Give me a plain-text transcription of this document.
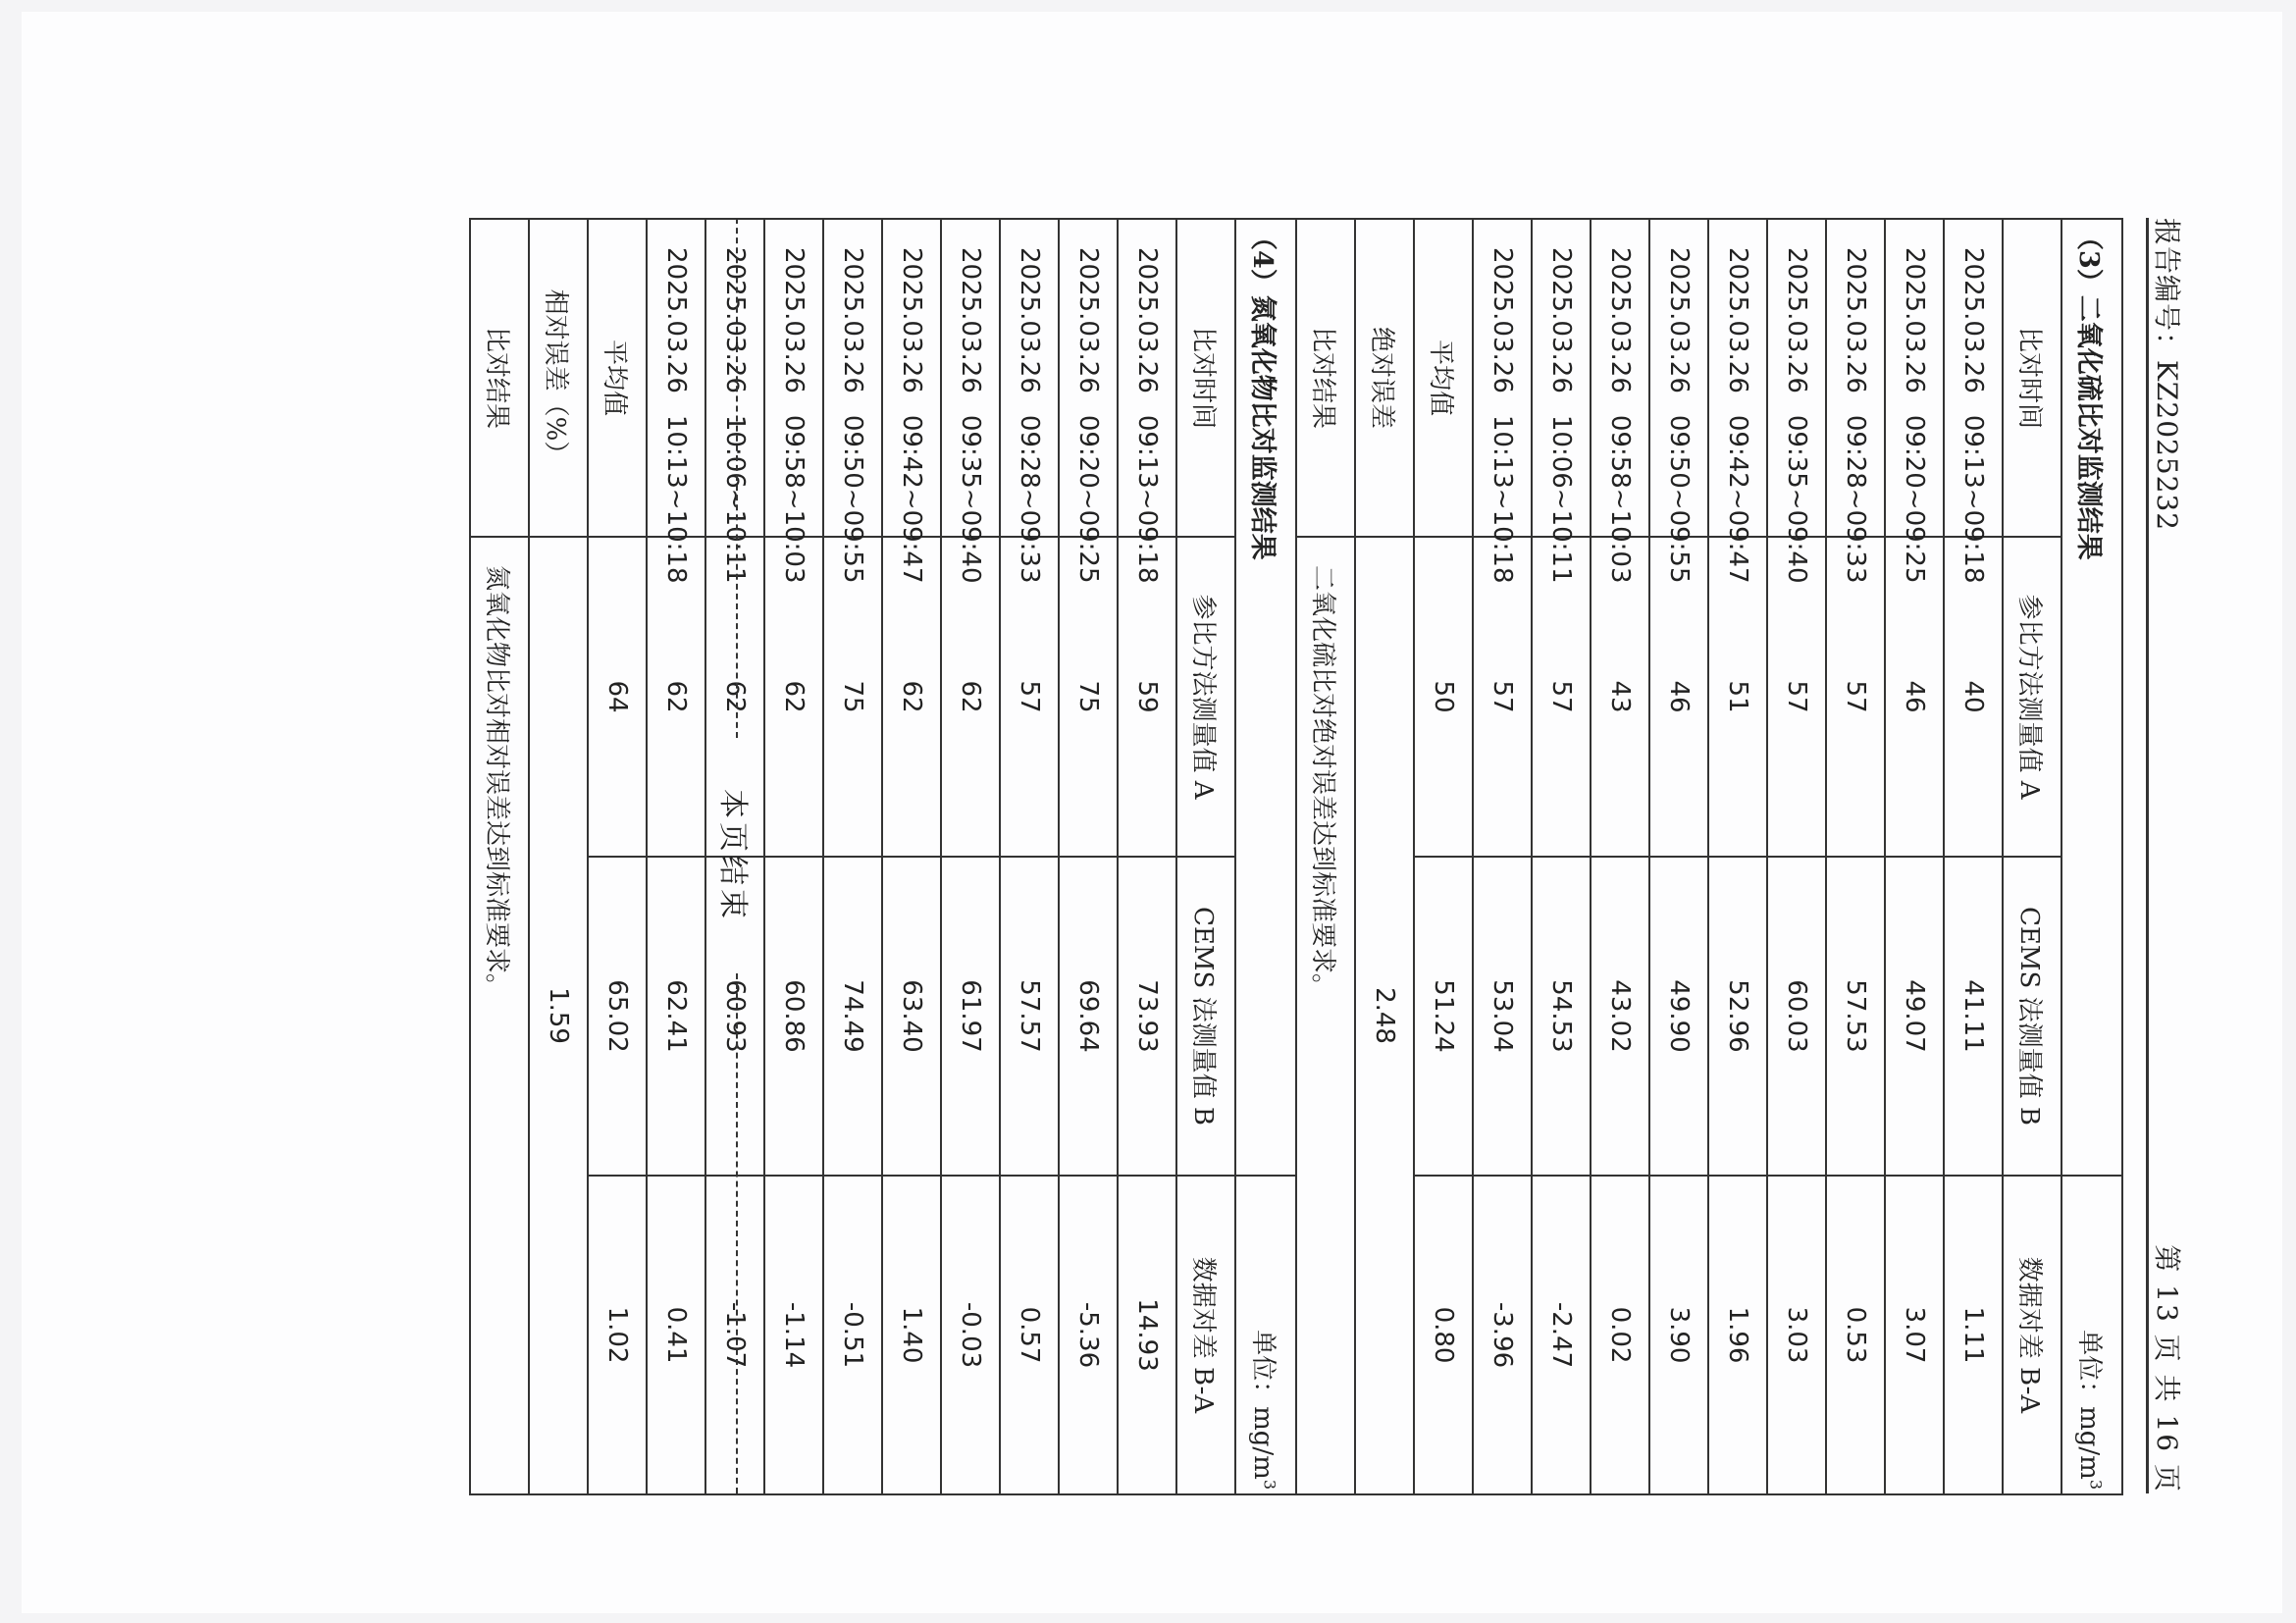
报告编号：KZ2025232
第 13 页 共 16 页
（3）二氧化硫比对监测结果			单位：$mg/m^3$
比对时间	参比方法测量值 A	CEMS 法测量值 B	数据对差 B-A
2025.03.2609:13~09:18	40	41.11	1.11
2025.03.2609:20~09:25	46	49.07	3.07
2025.03.2609:28~09:33	57	57.53	0.53
2025.03.2609:35~09:40	57	60.03	3.03
2025.03.2609:42~09:47	51	52.96	1.96
2025.03.2609:50~09:55	46	49.90	3.90
2025.03.2609:58~10:03	43	43.02	0.02
2025.03.2610:06~10:11	57	54.53	-2.47
2025.03.2610:13~10:18	57	53.04	-3.96
平均值	50	51.24	0.80
绝对误差	2.48		
比对结果	二氧化硫比对绝对误差达到标准要求。		
（4）氮氧化物比对监测结果			单位：$mg/m^3$
比对时间	参比方法测量值 A	CEMS 法测量值 B	数据对差 B-A
2025.03.2609:13~09:18	59	73.93	14.93
2025.03.2609:20~09:25	75	69.64	-5.36
2025.03.2609:28~09:33	57	57.57	0.57
2025.03.2609:35~09:40	62	61.97	-0.03
2025.03.2609:42~09:47	62	63.40	1.40
2025.03.2609:50~09:55	75	74.49	-0.51
2025.03.2609:58~10:03	62	60.86	-1.14
2025.03.2610:06~10:11	62	60.93	-1.07
2025.03.2610:13~10:18	62	62.41	0.41
平均值	64	65.02	1.02
相对误差（%）	1.59		
比对结果	氮氧化物比对相对误差达到标准要求。			本页结束
